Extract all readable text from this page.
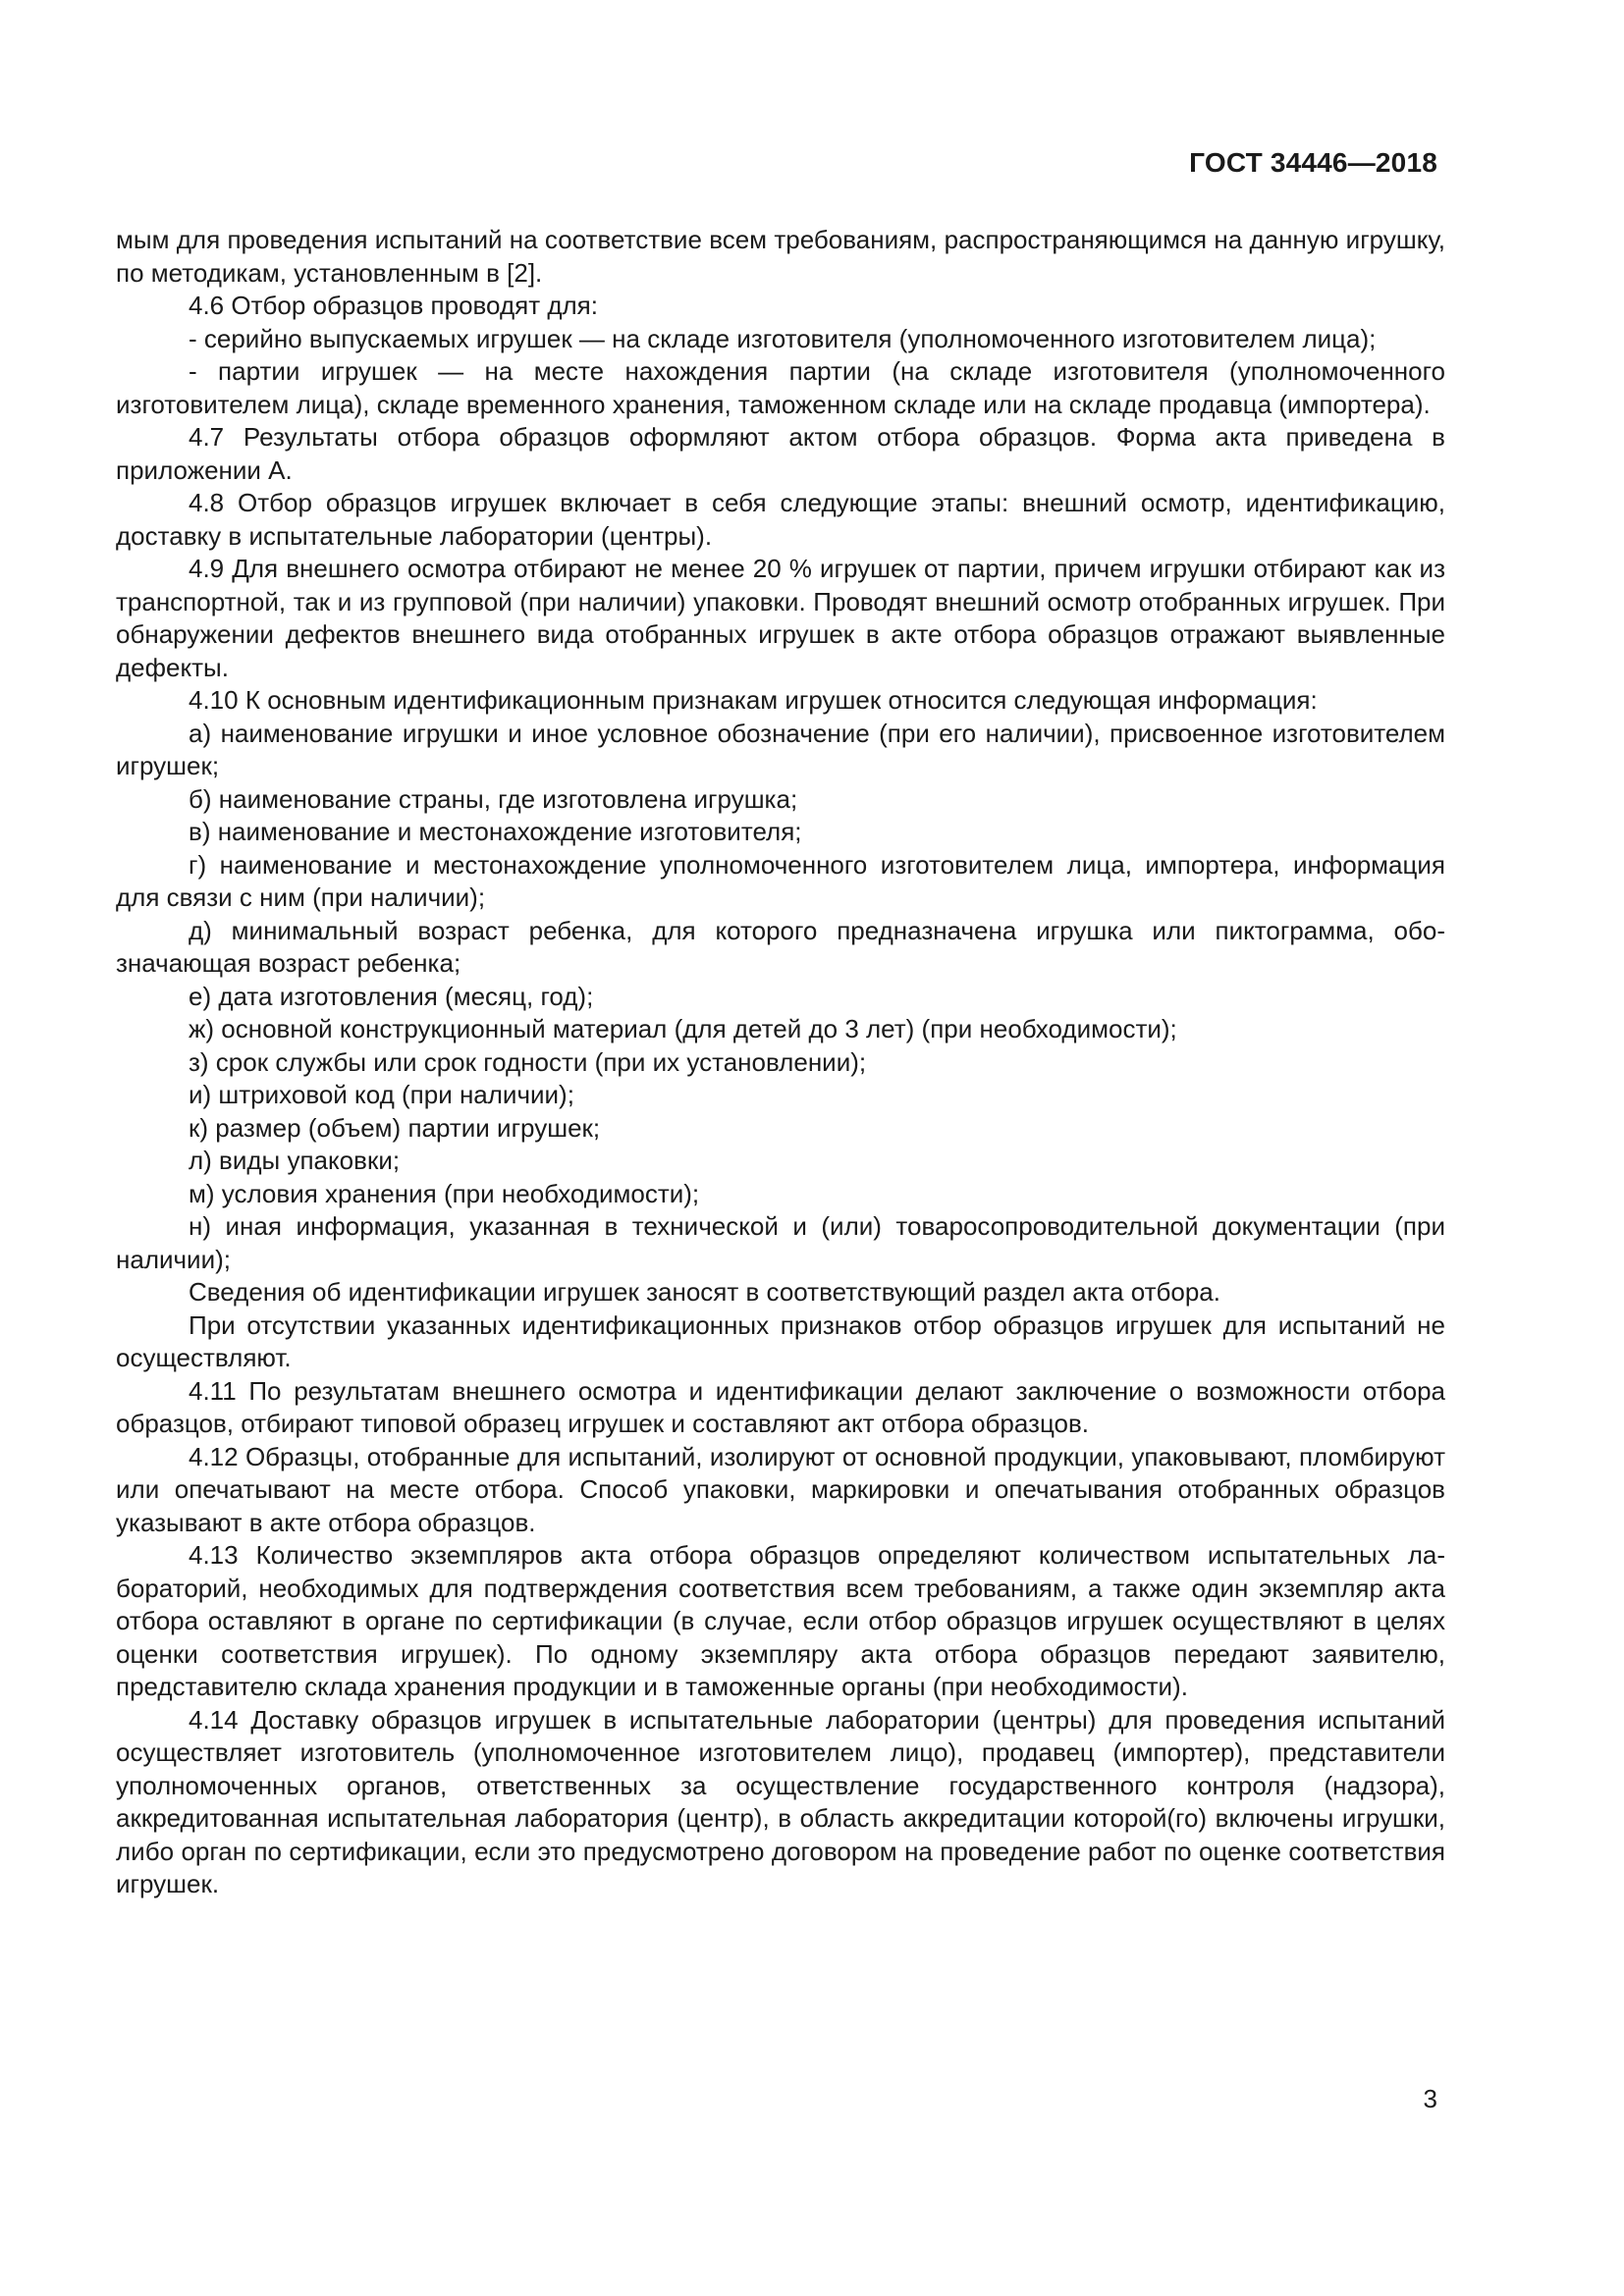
ГОСТ 34446—2018

мым для проведения испытаний на соответствие всем требованиям, распространяющимся на данную игрушку, по методикам, установленным в [2].

4.6 Отбор образцов проводят для:

- серийно выпускаемых игрушек — на складе изготовителя (уполномоченного изготовителем лица);

- партии игрушек — на месте нахождения партии (на складе изготовителя (уполномоченного изготовителем лица), складе временного хранения, таможенном складе или на складе продавца (импортера).

4.7 Результаты отбора образцов оформляют актом отбора образцов. Форма акта приведена в приложении А.

4.8 Отбор образцов игрушек включает в себя следующие этапы: внешний осмотр, идентификацию, доставку в испытательные лаборатории (центры).

4.9 Для внешнего осмотра отбирают не менее 20 % игрушек от партии, причем игрушки отбирают как из транспортной, так и из групповой (при наличии) упаковки. Проводят внешний осмотр отобранных игрушек. При обнаружении дефектов внешнего вида отобранных игрушек в акте отбора образцов отражают выявленные дефекты.

4.10 К основным идентификационным признакам игрушек относится следующая информация:

а) наименование игрушки и иное условное обозначение (при его наличии), присвоенное изготовителем игрушек;

б) наименование страны, где изготовлена игрушка;

в) наименование и местонахождение изготовителя;

г) наименование и местонахождение уполномоченного изготовителем лица, импортера, информация для связи с ним (при наличии);

д) минимальный возраст ребенка, для которого предназначена игрушка или пиктограмма, обозначающая возраст ребенка;

е) дата изготовления (месяц, год);

ж) основной конструкционный материал (для детей до 3 лет) (при необходимости);

з) срок службы или срок годности (при их установлении);

и) штриховой код (при наличии);

к) размер (объем) партии игрушек;

л) виды упаковки;

м) условия хранения (при необходимости);

н) иная информация, указанная в технической и (или) товаросопроводительной документации (при наличии);

Сведения об идентификации игрушек заносят в соответствующий раздел акта отбора.

При отсутствии указанных идентификационных признаков отбор образцов игрушек для испытаний не осуществляют.

4.11 По результатам внешнего осмотра и идентификации делают заключение о возможности отбора образцов, отбирают типовой образец игрушек и составляют акт отбора образцов.

4.12 Образцы, отобранные для испытаний, изолируют от основной продукции, упаковывают, пломбируют или опечатывают на месте отбора. Способ упаковки, маркировки и опечатывания отобранных образцов указывают в акте отбора образцов.

4.13 Количество экземпляров акта отбора образцов определяют количеством испытательных лабораторий, необходимых для подтверждения соответствия всем требованиям, а также один экземпляр акта отбора оставляют в органе по сертификации (в случае, если отбор образцов игрушек осуществляют в целях оценки соответствия игрушек). По одному экземпляру акта отбора образцов передают заявителю, представителю склада хранения продукции и в таможенные органы (при необходимости).

4.14 Доставку образцов игрушек в испытательные лаборатории (центры) для проведения испытаний осуществляет изготовитель (уполномоченное изготовителем лицо), продавец (импортер), представители уполномоченных органов, ответственных за осуществление государственного контроля (надзора), аккредитованная испытательная лаборатория (центр), в область аккредитации которой(го) включены игрушки, либо орган по сертификации, если это предусмотрено договором на проведение работ по оценке соответствия игрушек.

3
